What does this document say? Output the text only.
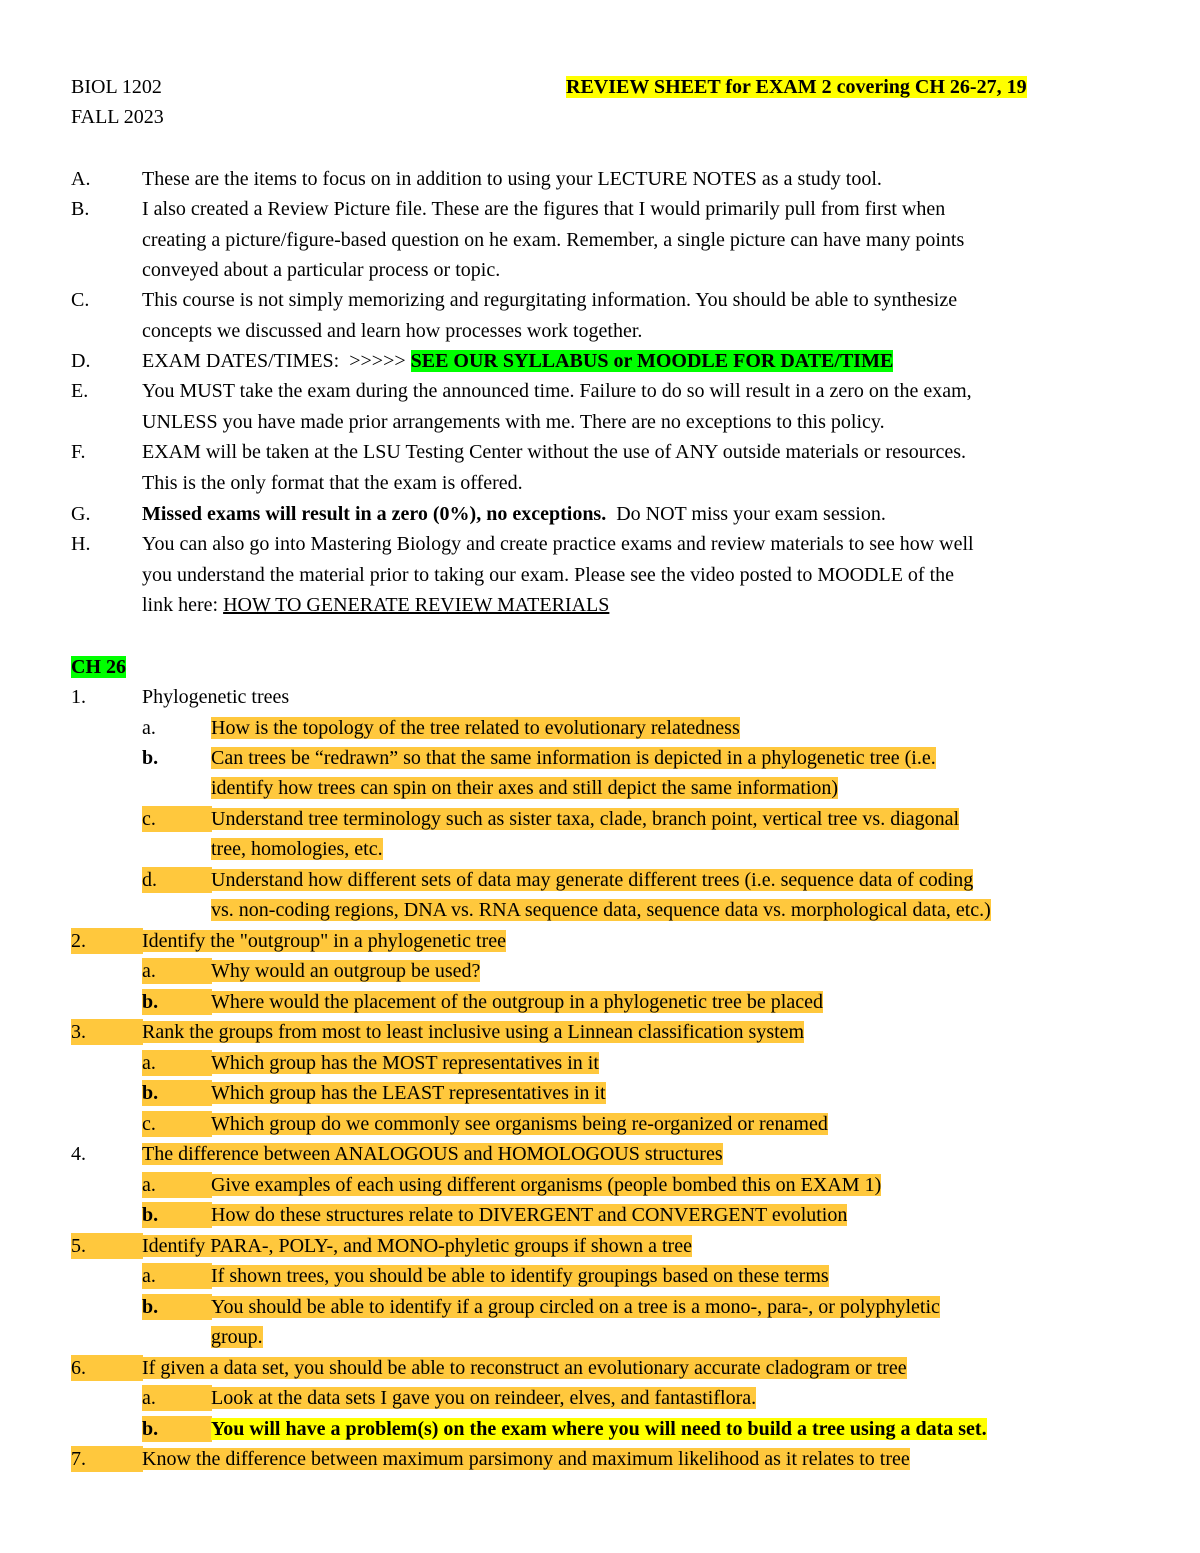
BIOL 1202
FALL 2023
REVIEW SHEET for EXAM 2 covering CH 26-27, 19
A.	These are the items to focus on in addition to using your LECTURE NOTES as a study tool.
B.	I also created a Review Picture file. These are the figures that I would primarily pull from first when
creating a picture/figure-based question on he exam. Remember, a single picture can have many points
conveyed about a particular process or topic.
C.	This course is not simply memorizing and regurgitating information. You should be able to synthesize
concepts we discussed and learn how processes work together.
D.	EXAM DATES/TIMES:  >>>>> SEE OUR SYLLABUS or MOODLE FOR DATE/TIME
E.	You MUST take the exam during the announced time. Failure to do so will result in a zero on the exam,
UNLESS you have made prior arrangements with me. There are no exceptions to this policy.
F.	EXAM will be taken at the LSU Testing Center without the use of ANY outside materials or resources.
This is the only format that the exam is offered.
G.	Missed exams will result in a zero (0%), no exceptions.  Do NOT miss your exam session.
H.	You can also go into Mastering Biology and create practice exams and review materials to see how well
you understand the material prior to taking our exam. Please see the video posted to MOODLE of the
link here: HOW TO GENERATE REVIEW MATERIALS
CH 26
1.	Phylogenetic trees
a.	How is the topology of the tree related to evolutionary relatedness
b.	Can trees be “redrawn” so that the same information is depicted in a phylogenetic tree (i.e.
identify how trees can spin on their axes and still depict the same information)
c.	Understand tree terminology such as sister taxa, clade, branch point, vertical tree vs. diagonal
tree, homologies, etc.
d.	Understand how different sets of data may generate different trees (i.e. sequence data of coding
vs. non-coding regions, DNA vs. RNA sequence data, sequence data vs. morphological data, etc.)
2.	Identify the "outgroup" in a phylogenetic tree
a.	Why would an outgroup be used?
b.	Where would the placement of the outgroup in a phylogenetic tree be placed
3.	Rank the groups from most to least inclusive using a Linnean classification system
a.	Which group has the MOST representatives in it
b.	Which group has the LEAST representatives in it
c.	Which group do we commonly see organisms being re-organized or renamed
4.	The difference between ANALOGOUS and HOMOLOGOUS structures
a.	Give examples of each using different organisms (people bombed this on EXAM 1)
b.	How do these structures relate to DIVERGENT and CONVERGENT evolution
5.	Identify PARA-, POLY-, and MONO-phyletic groups if shown a tree
a.	If shown trees, you should be able to identify groupings based on these terms
b.	You should be able to identify if a group circled on a tree is a mono-, para-, or polyphyletic
group.
6.	If given a data set, you should be able to reconstruct an evolutionary accurate cladogram or tree
a.	Look at the data sets I gave you on reindeer, elves, and fantastiflora.
b.	You will have a problem(s) on the exam where you will need to build a tree using a data set.
7.	Know the difference between maximum parsimony and maximum likelihood as it relates to tree
